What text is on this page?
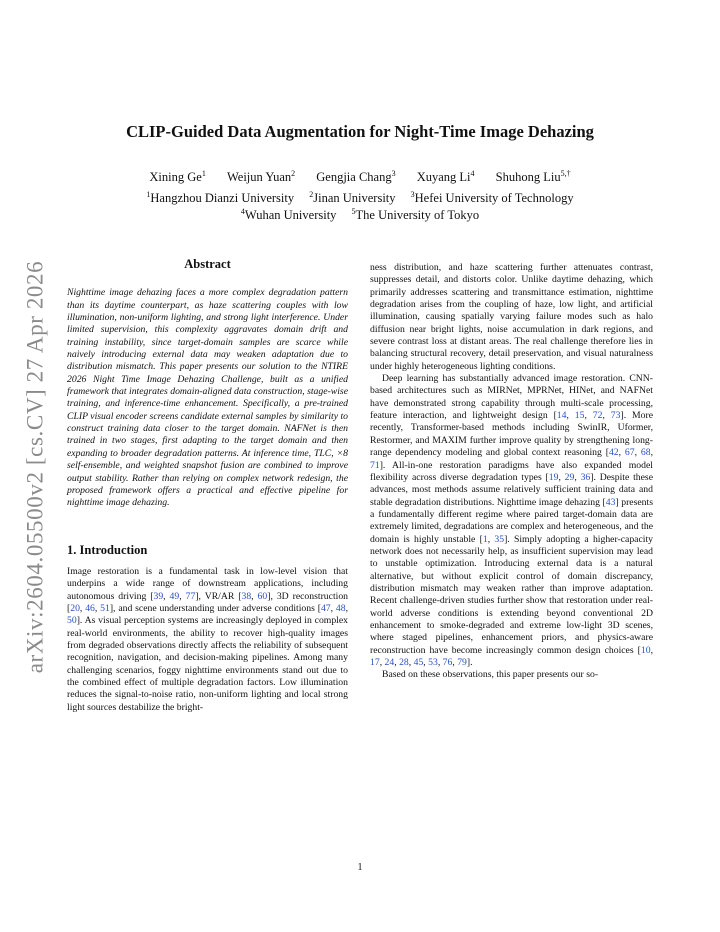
arXiv:2604.05500v2 [cs.CV] 27 Apr 2026
CLIP-Guided Data Augmentation for Night-Time Image Dehazing
Xining Ge$^1$ Weijun Yuan$^2$ Gengjia Chang$^3$ Xuyang Li$^4$ Shuhong Liu$^{5,\dagger}$
$^1$Hangzhou Dianzi University $^2$Jinan University $^3$Hefei University of Technology
$^4$Wuhan University $^5$The University of Tokyo
Abstract

Nighttime image dehazing faces a more complex degradation pattern than its daytime counterpart, as haze scattering couples with low illumination, non-uniform lighting, and strong light interference. Under limited supervision, this complexity aggravates domain drift and training instability, since target-domain samples are scarce while naively introducing external data may weaken adaptation due to distribution mismatch. This paper presents our solution to the NTIRE 2026 Night Time Image Dehazing Challenge, built as a unified framework that integrates domain-aligned data construction, stage-wise training, and inference-time enhancement. Specifically, a pre-trained CLIP visual encoder screens candidate external samples by similarity to construct training data closer to the target domain. NAFNet is then trained in two stages, first adapting to the target domain and then expanding to broader degradation patterns. At inference time, TLC, ×8 self-ensemble, and weighted snapshot fusion are combined to improve output stability. Rather than relying on complex network redesign, the proposed framework offers a practical and effective pipeline for nighttime image dehazing.

1. Introduction

Image restoration is a fundamental task in low-level vision that underpins a wide range of downstream applications, including autonomous driving [39, 49, 77], VR/AR [38, 60], 3D reconstruction [20, 46, 51], and scene understanding under adverse conditions [47, 48, 50]. As visual perception systems are increasingly deployed in complex real-world environments, the ability to recover high-quality images from degraded observations directly affects the reliability of subsequent recognition, navigation, and decision-making pipelines. Among many challenging scenarios, foggy nighttime environments stand out due to the combined effect of multiple degradation factors. Low illumination reduces the signal-to-noise ratio, non-uniform lighting and local strong light sources destabilize the bright-

ness distribution, and haze scattering further attenuates contrast, suppresses detail, and distorts color. Unlike daytime dehazing, which primarily addresses scattering and transmittance estimation, nighttime degradation arises from the coupling of haze, low light, and artificial illumination, causing spatially varying failure modes such as halo diffusion near bright lights, noise accumulation in dark regions, and severe contrast loss at distant areas. The real challenge therefore lies in balancing structural recovery, detail preservation, and visual naturalness under highly heterogeneous lighting conditions.

Deep learning has substantially advanced image restoration. CNN-based architectures such as MIRNet, MPRNet, HINet, and NAFNet have demonstrated strong capability through multi-scale processing, feature interaction, and lightweight design [14, 15, 72, 73]. More recently, Transformer-based methods including SwinIR, Uformer, Restormer, and MAXIM further improve quality by strengthening long-range dependency modeling and global context reasoning [42, 67, 68, 71]. All-in-one restoration paradigms have also expanded model flexibility across diverse degradation types [19, 29, 36]. Despite these advances, most methods assume relatively sufficient training data and stable degradation distributions. Nighttime image dehazing [43] presents a fundamentally different regime where paired target-domain data are extremely limited, degradations are complex and heterogeneous, and the domain is highly unstable [1, 35]. Simply adopting a higher-capacity network does not necessarily help, as insufficient supervision may lead to unstable optimization. Introducing external data is a natural alternative, but without explicit control of domain discrepancy, distribution mismatch may weaken rather than improve adaptation. Recent challenge-driven studies further show that restoration under real-world adverse conditions is extending beyond conventional 2D enhancement to smoke-degraded and extreme low-light 3D scenes, where staged pipelines, enhancement priors, and physics-aware reconstruction have become increasingly common design choices [10, 17, 24, 28, 45, 53, 76, 79].

Based on these observations, this paper presents our so-

1
